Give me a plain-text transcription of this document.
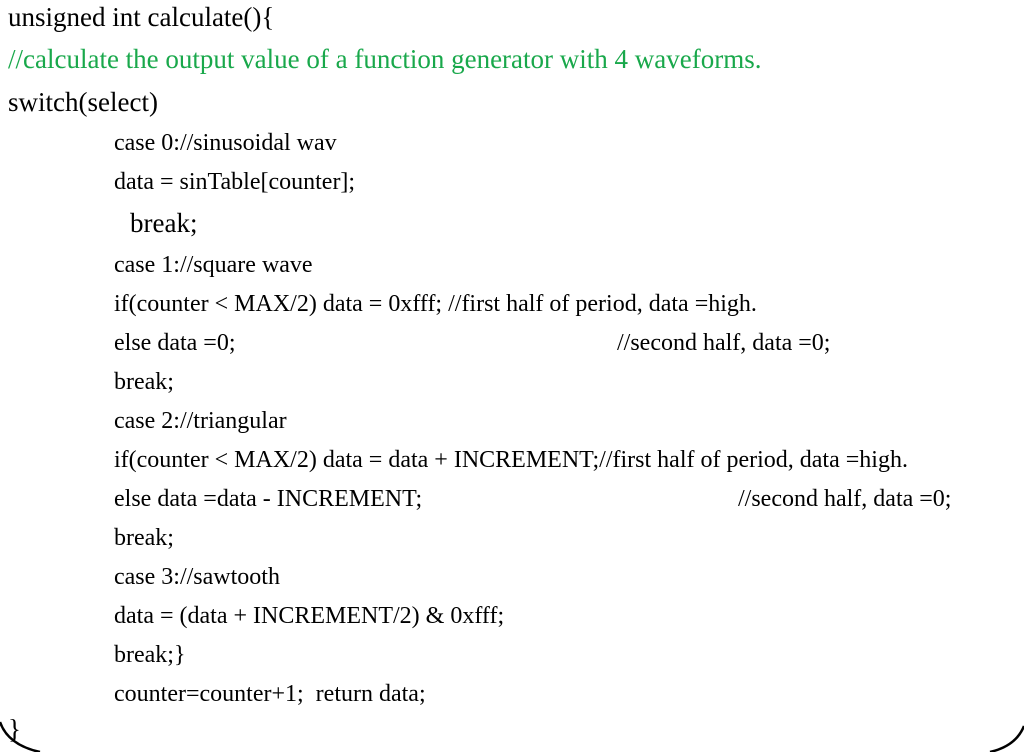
unsigned int calculate(){
//calculate the output value of a function generator with 4 waveforms.
switch(select)
case 0://sinusoidal wav
data = sinTable[counter];
break;
case 1://square wave
if(counter < MAX/2) data = 0xfff; //first half of period, data =high.
else data =0;	//second half, data =0;
break;
case 2://triangular
if(counter < MAX/2) data = data + INCREMENT;//first half of period, data =high.
else data =data - INCREMENT;	//second half, data =0;
break;
case 3://sawtooth
data = (data + INCREMENT/2) & 0xfff;
break;}
counter=counter+1;  return data;
}
